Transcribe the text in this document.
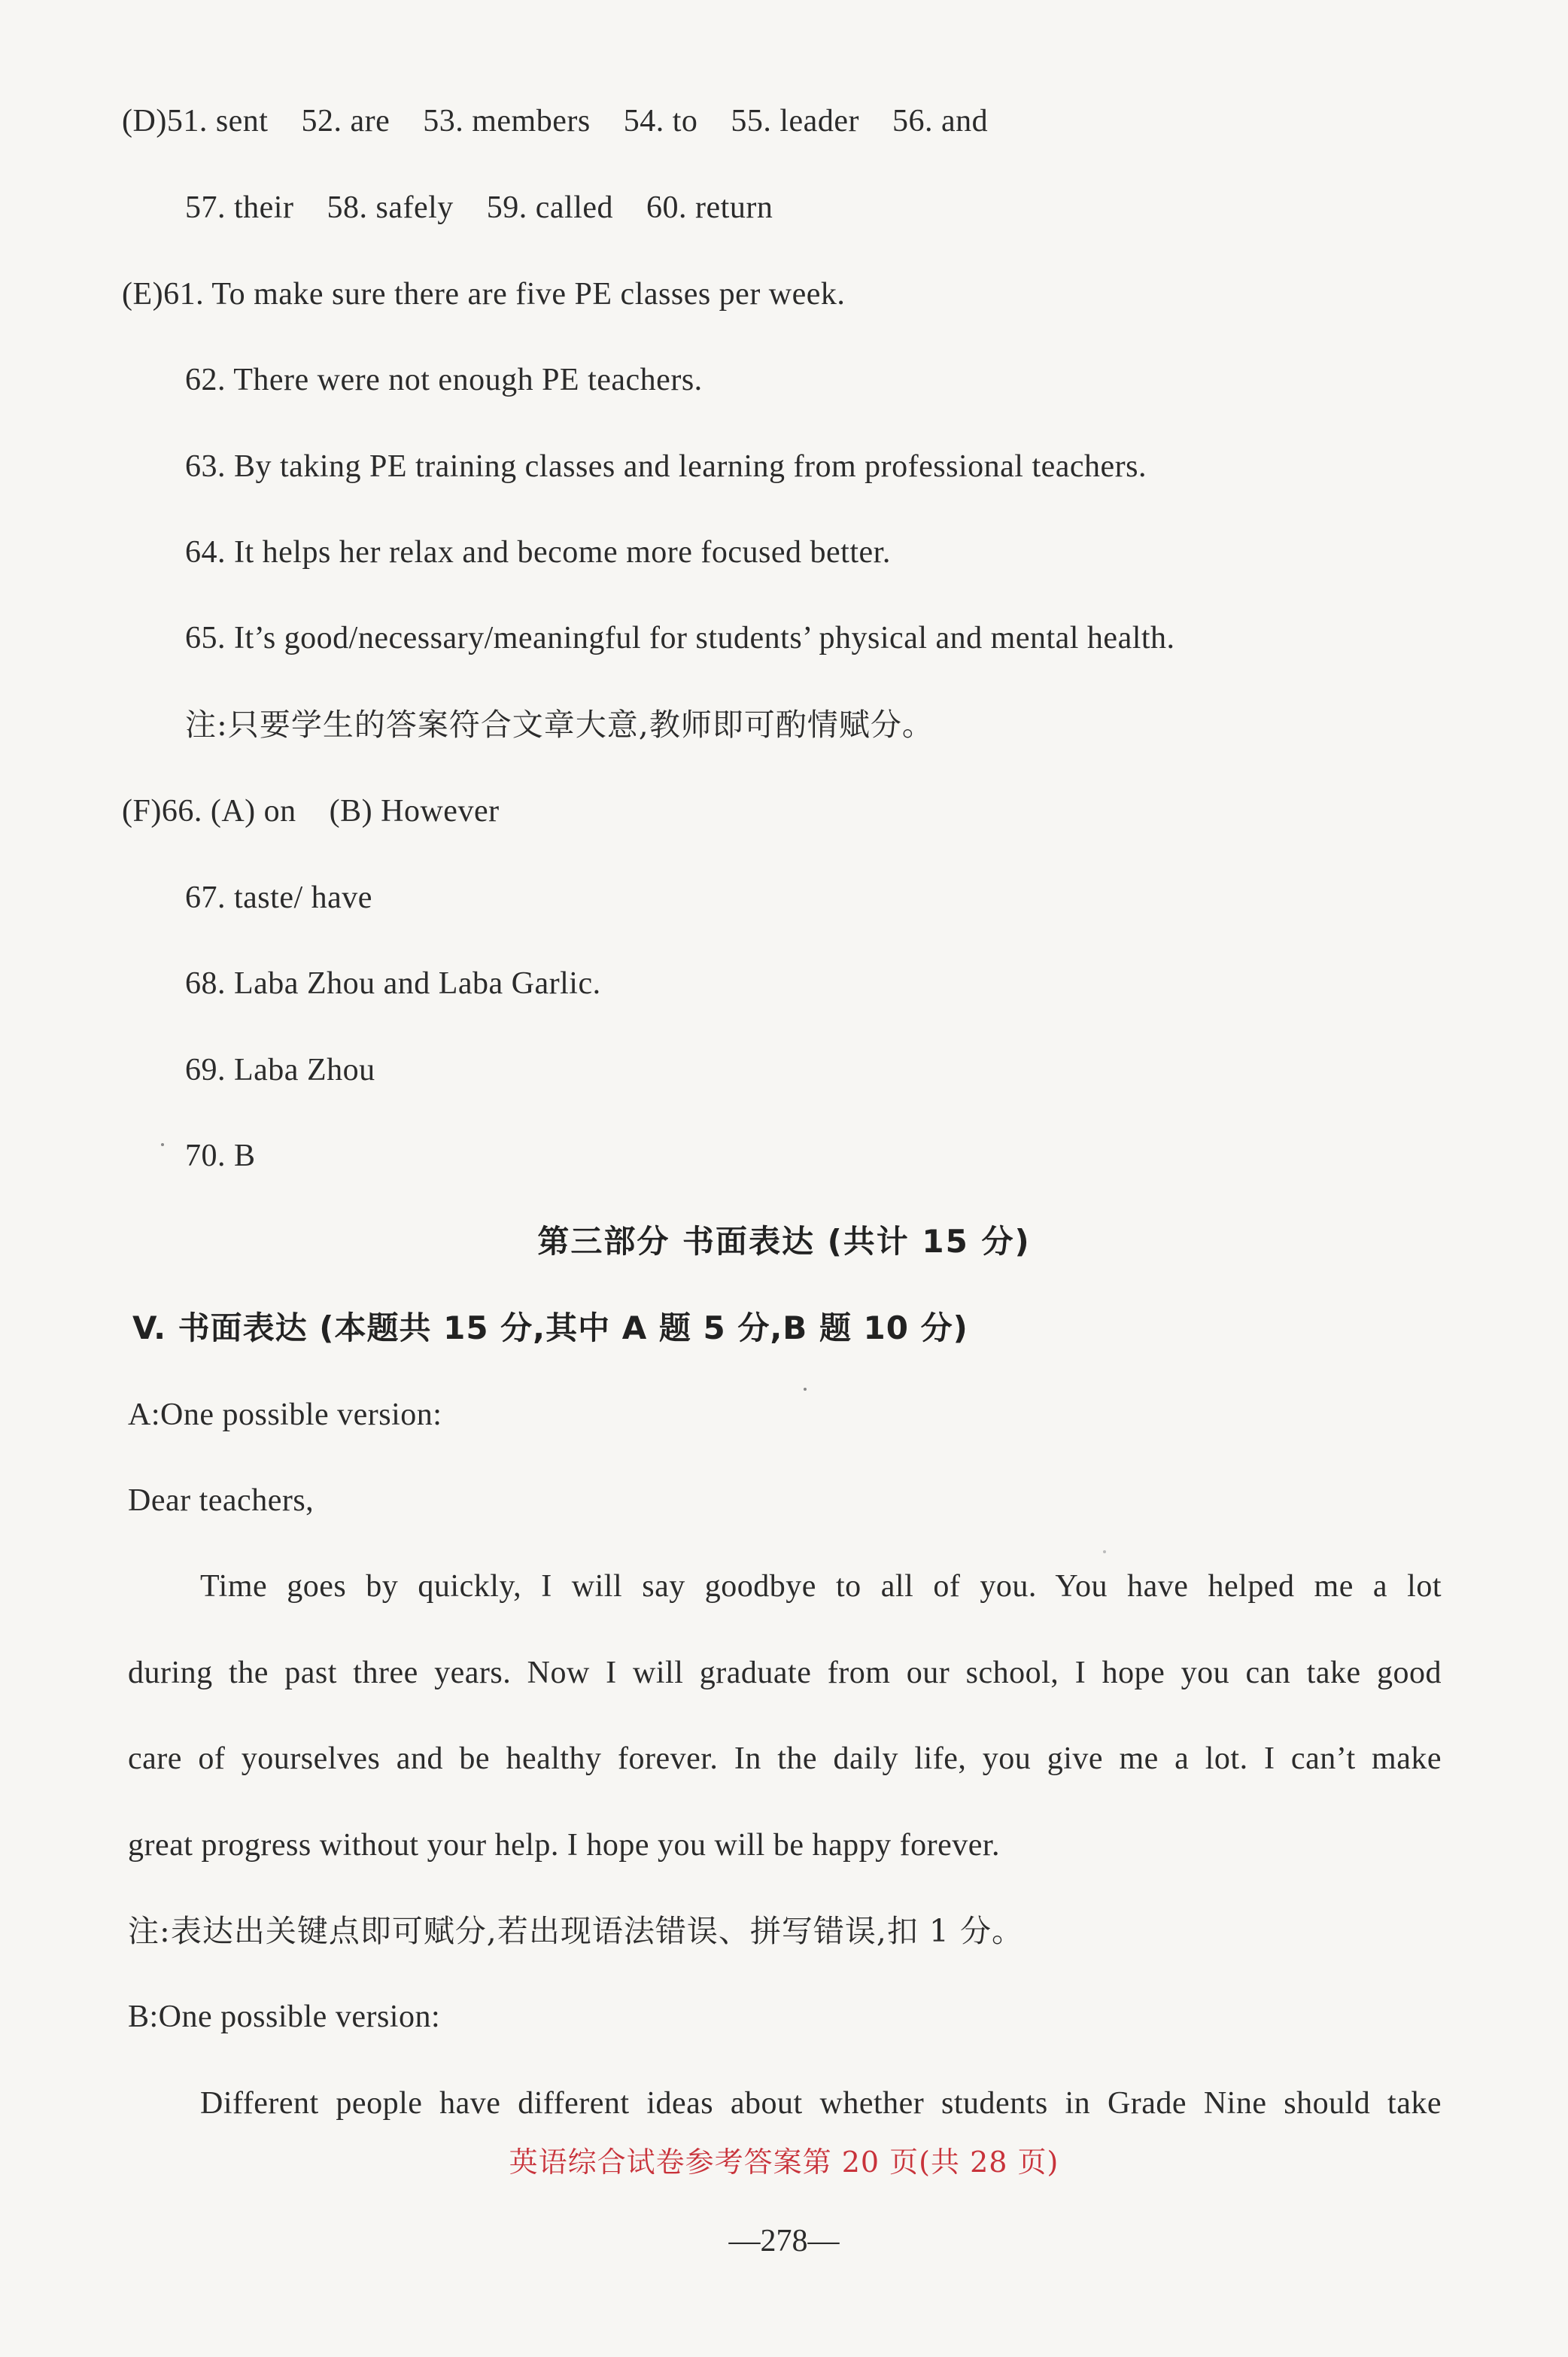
(D)51. sent 52. are 53. members 54. to 55. leader 56. and
57. their 58. safely 59. called 60. return
(E)61. To make sure there are five PE classes per week.
62. There were not enough PE teachers.
63. By taking PE training classes and learning from professional teachers.
64. It helps her relax and become more focused better.
65. It’s good/necessary/meaningful for students’ physical and mental health.
注:只要学生的答案符合文章大意,教师即可酌情赋分。
(F)66. (A) on (B) However
67. taste/ have
68. Laba Zhou and Laba Garlic.
69. Laba Zhou
70. B
第三部分 书面表达 (共计 15 分)
V. 书面表达 (本题共 15 分,其中 A 题 5 分,B 题 10 分)
A:One possible version:
Dear teachers,
Time goes by quickly, I will say goodbye to all of you. You have helped me a lot
during the past three years. Now I will graduate from our school, I hope you can take good
care of yourselves and be healthy forever. In the daily life, you give me a lot. I can’t make
great progress without your help. I hope you will be happy forever.
注:表达出关键点即可赋分,若出现语法错误、拼写错误,扣 1 分。
B:One possible version:
Different people have different ideas about whether students in Grade Nine should take
英语综合试卷参考答案第 20 页(共 28 页)
—278—
